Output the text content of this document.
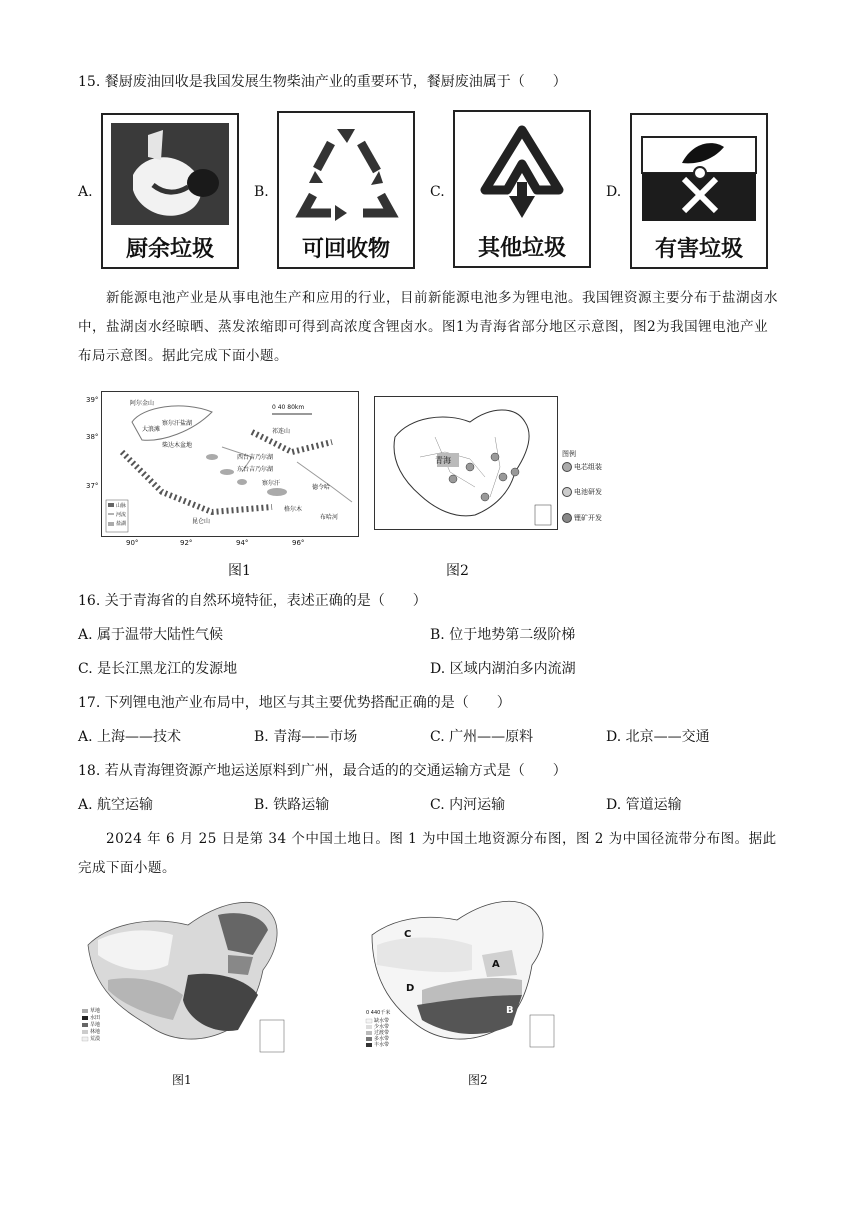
15. 餐厨废油回收是我国发展生物柴油产业的重要环节，餐厨废油属于（　　）
A.
厨余垃圾
B.
可回收物
C.
其他垃圾
D.
有害垃圾
新能源电池产业是从事电池生产和应用的行业，目前新能源电池多为锂电池。我国锂资源主要分布于盐湖卤水中，盐湖卤水经晾晒、蒸发浓缩即可得到高浓度含锂卤水。图1为青海省部分地区示意图，图2为我国锂电池产业布局示意图。据此完成下面小题。
0 40 80km
阿尔金山
察尔汗盐湖
大浪滩	祁连山
昆仑山
柴达木盆地
西台吉乃尔湖
东台吉乃尔湖
察尔汗
格尔木
德令哈
布哈河
山脉
河流
盐湖
39°
38°
37°
90°	92°	94°	96°
图1
青海
图例
电芯组装
电池研发
锂矿开发
图2
16. 关于青海省的自然环境特征，表述正确的是（　　）
A. 属于温带大陆性气候	B. 位于地势第二级阶梯
C. 是长江黑龙江的发源地	D. 区域内湖泊多内流湖
17. 下列锂电池产业布局中，地区与其主要优势搭配正确的是（　　）
A. 上海——技术	B. 青海——市场	C. 广州——原料	D. 北京——交通
18. 若从青海锂资源产地运送原料到广州，最合适的的交通运输方式是（　　）
A. 航空运输	B. 铁路运输	C. 内河运输	D. 管道运输
2024 年 6 月 25 日是第 34 个中国土地日。图 1 为中国土地资源分布图，图 2 为中国径流带分布图。据此完成下面小题。
草地
水田
旱地
林地
荒漠
图1
C
A
D
B
0 440千米
缺水带
少水带
过渡带
多水带
丰水带
图2
